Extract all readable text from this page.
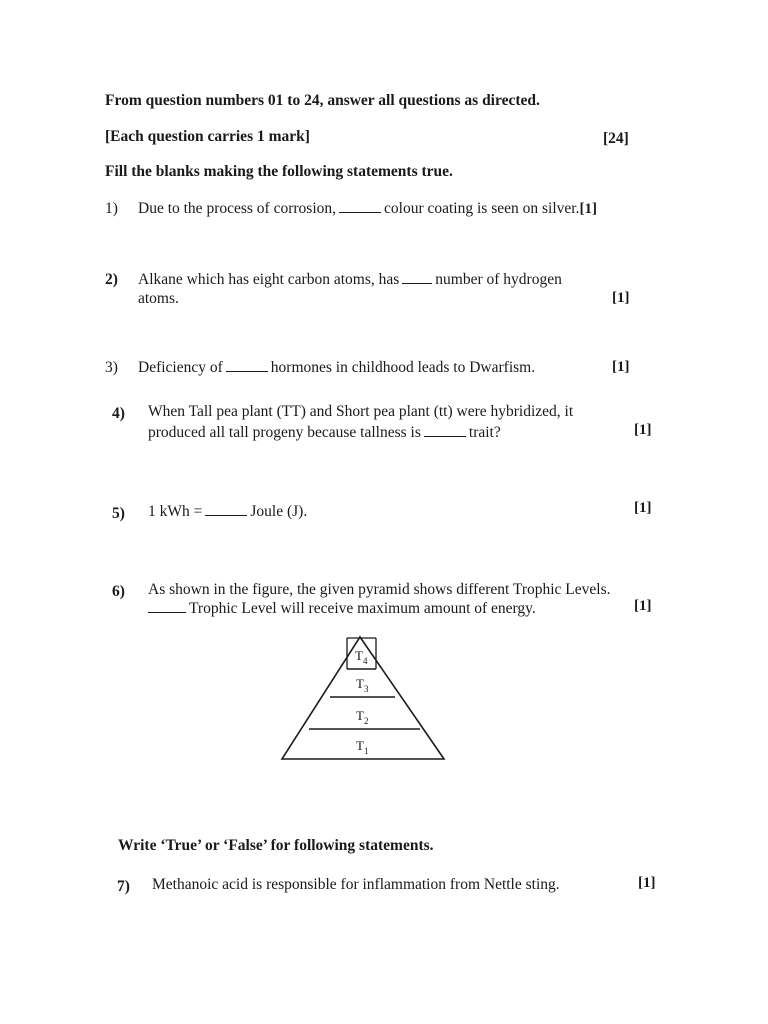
From question numbers 01 to 24, answer all questions as directed.
[Each question carries 1 mark]	[24]
Fill the blanks making the following statements true.
1) Due to the process of corrosion,	colour coating is seen on silver.[1]
2) Alkane which has eight carbon atoms, has number of hydrogen
atoms.	[1]
3) Deficiency of	hormones in childhood leads to Dwarfism.	[1]
4) When Tall pea plant (TT) and Short pea plant (tt) were hybridized, it
produced all tall progeny because tallness is	trait?	[1]
5) 1 kWh =	Joule (J).	[1]
6) As shown in the figure, the given pyramid shows different Trophic Levels.
Trophic Level will receive maximum amount of energy.	[1]
$T_4$
$T_3$
$T_2$
$T_1$
Write ‘True’ or ‘False’ for following statements.
7) Methanoic acid is responsible for inflammation from Nettle sting.	[1]
